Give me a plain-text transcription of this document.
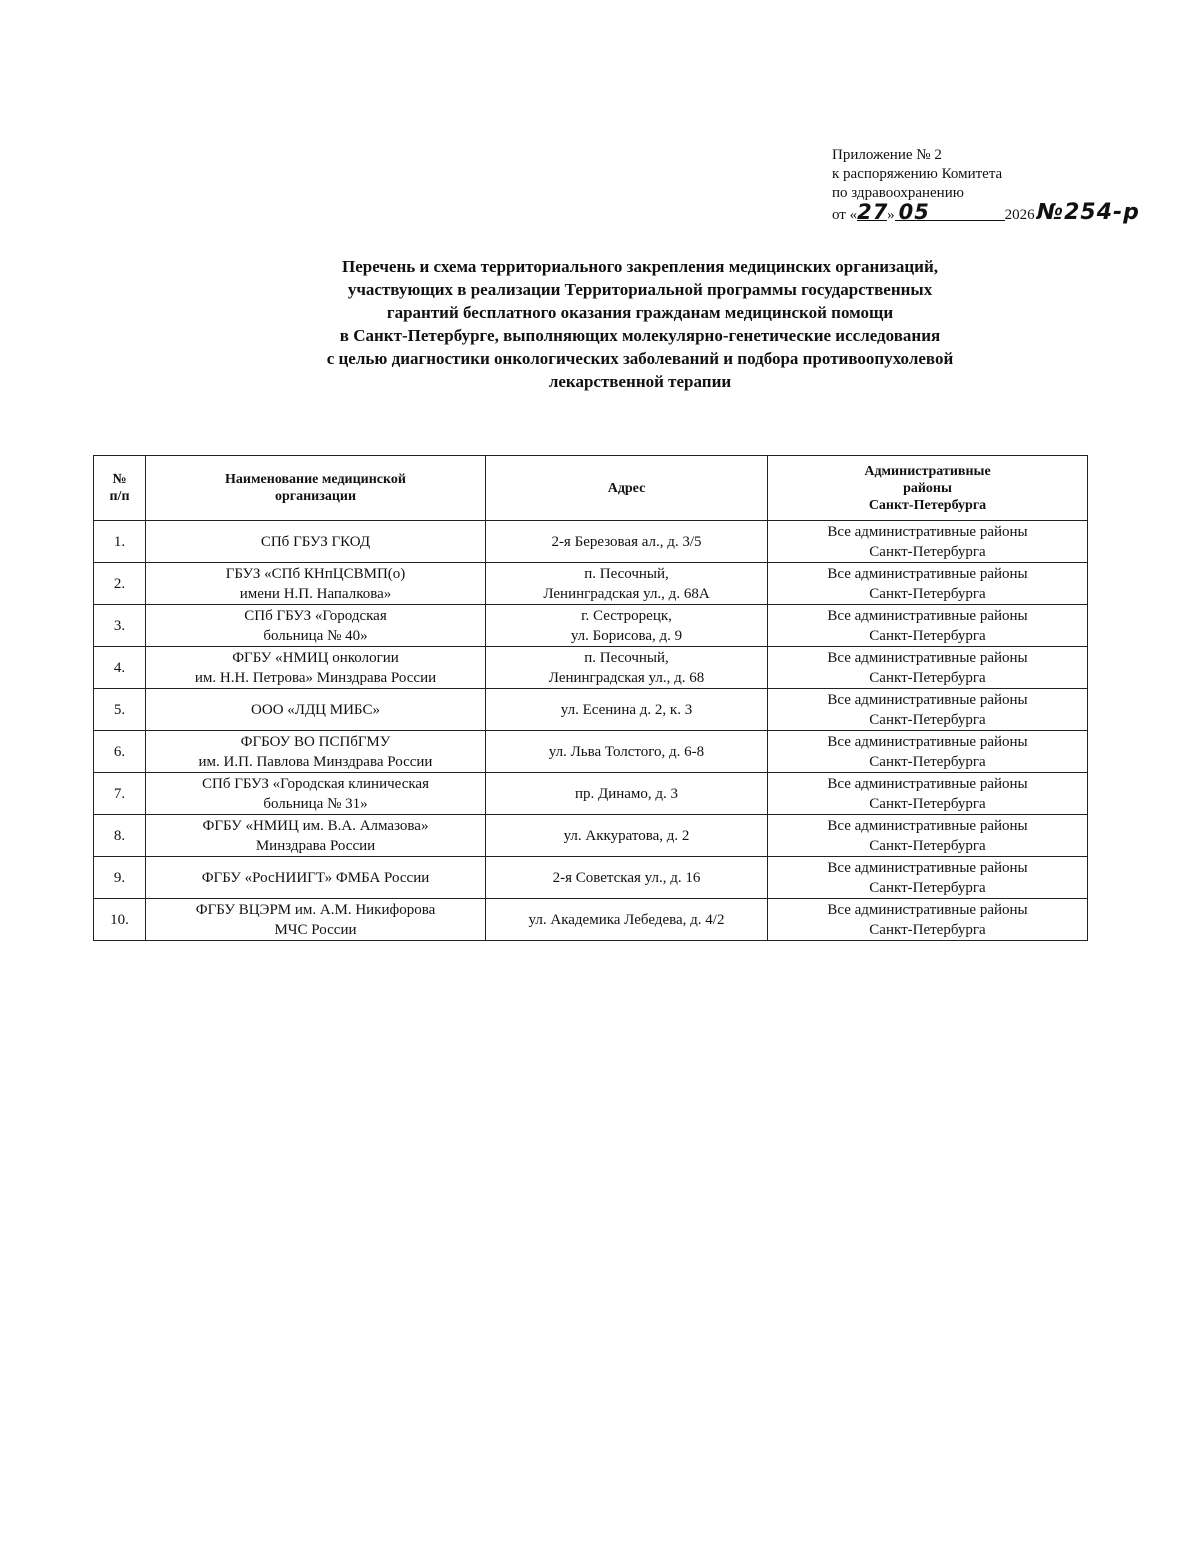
Приложение № 2
к распоряжению Комитета
по здравоохранению
от «27» 05	2026№254-р
Перечень и схема территориального закрепления медицинских организаций,
участвующих в реализации Территориальной программы государственных
гарантий бесплатного оказания гражданам медицинской помощи
в Санкт-Петербурге, выполняющих молекулярно-генетические исследования
с целью диагностики онкологических заболеваний и подбора противоопухолевой
лекарственной терапии
№
п/п	Наименование медицинской
организации	Адрес	Административные
районы
Санкт-Петербурга
1.	СПб ГБУЗ ГКОД	2-я Березовая ал., д. 3/5	Все административные районы
Санкт-Петербурга
2.	ГБУЗ «СПб КНпЦСВМП(о)
имени Н.П. Напалкова»	п. Песочный,
Ленинградская ул., д. 68А	Все административные районы
Санкт-Петербурга
3.	СПб ГБУЗ «Городская
больница № 40»	г. Сестрорецк,
ул. Борисова, д. 9	Все административные районы
Санкт-Петербурга
4.	ФГБУ «НМИЦ онкологии
им. Н.Н. Петрова» Минздрава России	п. Песочный,
Ленинградская ул., д. 68	Все административные районы
Санкт-Петербурга
5.	ООО «ЛДЦ МИБС»	ул. Есенина д. 2, к. 3	Все административные районы
Санкт-Петербурга
6.	ФГБОУ ВО ПСПбГМУ
им. И.П. Павлова Минздрава России	ул. Льва Толстого, д. 6-8	Все административные районы
Санкт-Петербурга
7.	СПб ГБУЗ «Городская клиническая
больница № 31»	пр. Динамо, д. 3	Все административные районы
Санкт-Петербурга
8.	ФГБУ «НМИЦ им. В.А. Алмазова»
Минздрава России	ул. Аккуратова, д. 2	Все административные районы
Санкт-Петербурга
9.	ФГБУ «РосНИИГТ» ФМБА России	2-я Советская ул., д. 16	Все административные районы
Санкт-Петербурга
10.	ФГБУ ВЦЭРМ им. А.М. Никифорова
МЧС России	ул. Академика Лебедева, д. 4/2	Все административные районы
Санкт-Петербурга
